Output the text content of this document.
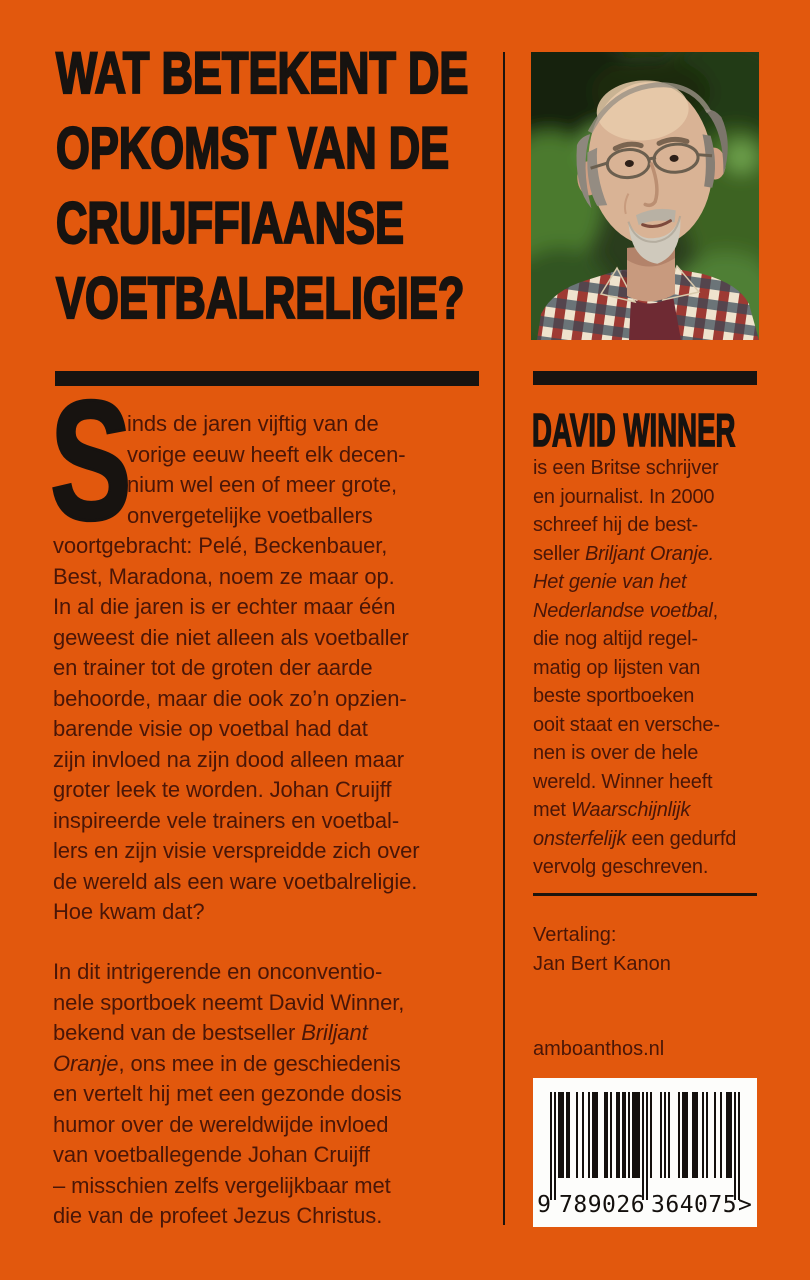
WAT BETEKENT DE
OPKOMST VAN DE
CRUIJFFIAANSE
VOETBALRELIGIE?
S
inds de jaren vijftig van de
vorige eeuw heeft elk decen-
nium wel een of meer grote,
onvergetelijke voetballers
voortgebracht: Pelé, Beckenbauer,
Best, Maradona, noem ze maar op.
In al die jaren is er echter maar één
geweest die niet alleen als voetballer
en trainer tot de groten der aarde
behoorde, maar die ook zo’n opzien-
barende visie op voetbal had dat
zijn invloed na zijn dood alleen maar
groter leek te worden. Johan Cruijff
inspireerde vele trainers en voetbal-
lers en zijn visie verspreidde zich over
de wereld als een ware voetbalreligie.
Hoe kwam dat?
In dit intrigerende en onconventio-
nele sportboek neemt David Winner,
bekend van de bestseller Briljant
Oranje, ons mee in de geschiedenis
en vertelt hij met een gezonde dosis
humor over de wereldwijde invloed
van voetballegende Johan Cruijff
– misschien zelfs vergelijkbaar met
die van de profeet Jezus Christus.
DAVID WINNER
is een Britse schrijver
en journalist. In 2000
schreef hij de best-
seller Briljant Oranje.
Het genie van het
Nederlandse voetbal,
die nog altijd regel-
matig op lijsten van
beste sportboeken
ooit staat en versche-
nen is over de hele
wereld. Winner heeft
met Waarschijnlijk
onsterfelijk een gedurfd
vervolg geschreven.
Vertaling:
Jan Bert Kanon
amboanthos.nl
9 789026 364075 >
